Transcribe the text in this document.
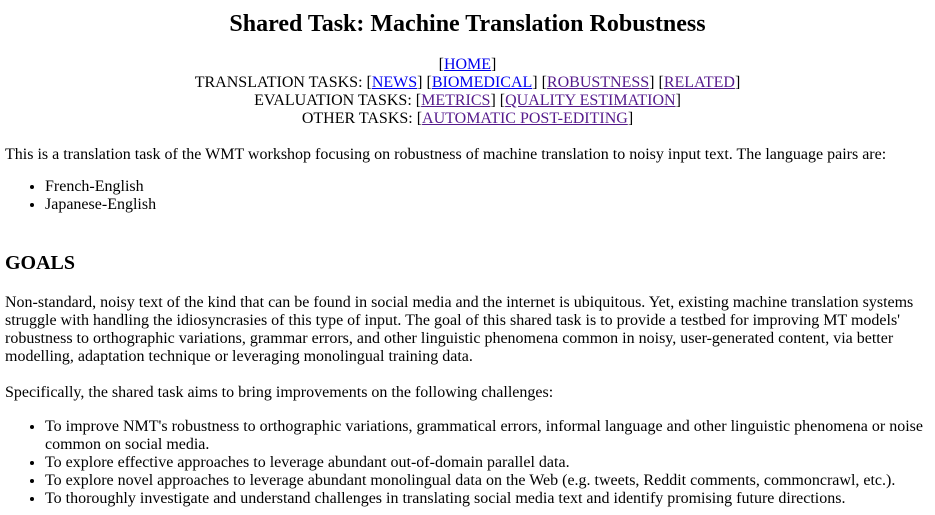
Shared Task: Machine Translation Robustness
[HOME]
TRANSLATION TASKS: [NEWS] [BIOMEDICAL] [ROBUSTNESS] [RELATED]
EVALUATION TASKS: [METRICS] [QUALITY ESTIMATION]
OTHER TASKS: [AUTOMATIC POST-EDITING]

This is a translation task of the WMT workshop focusing on robustness of machine translation to noisy input text. The language pairs are:

• French-English
• Japanese-English
GOALS

Non-standard, noisy text of the kind that can be found in social media and the internet is ubiquitous. Yet, existing machine translation systems struggle with handling the idiosyncrasies of this type of input. The goal of this shared task is to provide a testbed for improving MT models' robustness to orthographic variations, grammar errors, and other linguistic phenomena common in noisy, user-generated content, via better modelling, adaptation technique or leveraging monolingual training data.

Specifically, the shared task aims to bring improvements on the following challenges:

• To improve NMT's robustness to orthographic variations, grammatical errors, informal language and other linguistic phenomena or noise common on social media.
• To explore effective approaches to leverage abundant out-of-domain parallel data.
• To explore novel approaches to leverage abundant monolingual data on the Web (e.g. tweets, Reddit comments, commoncrawl, etc.).
• To thoroughly investigate and understand challenges in translating social media text and identify promising future directions.
